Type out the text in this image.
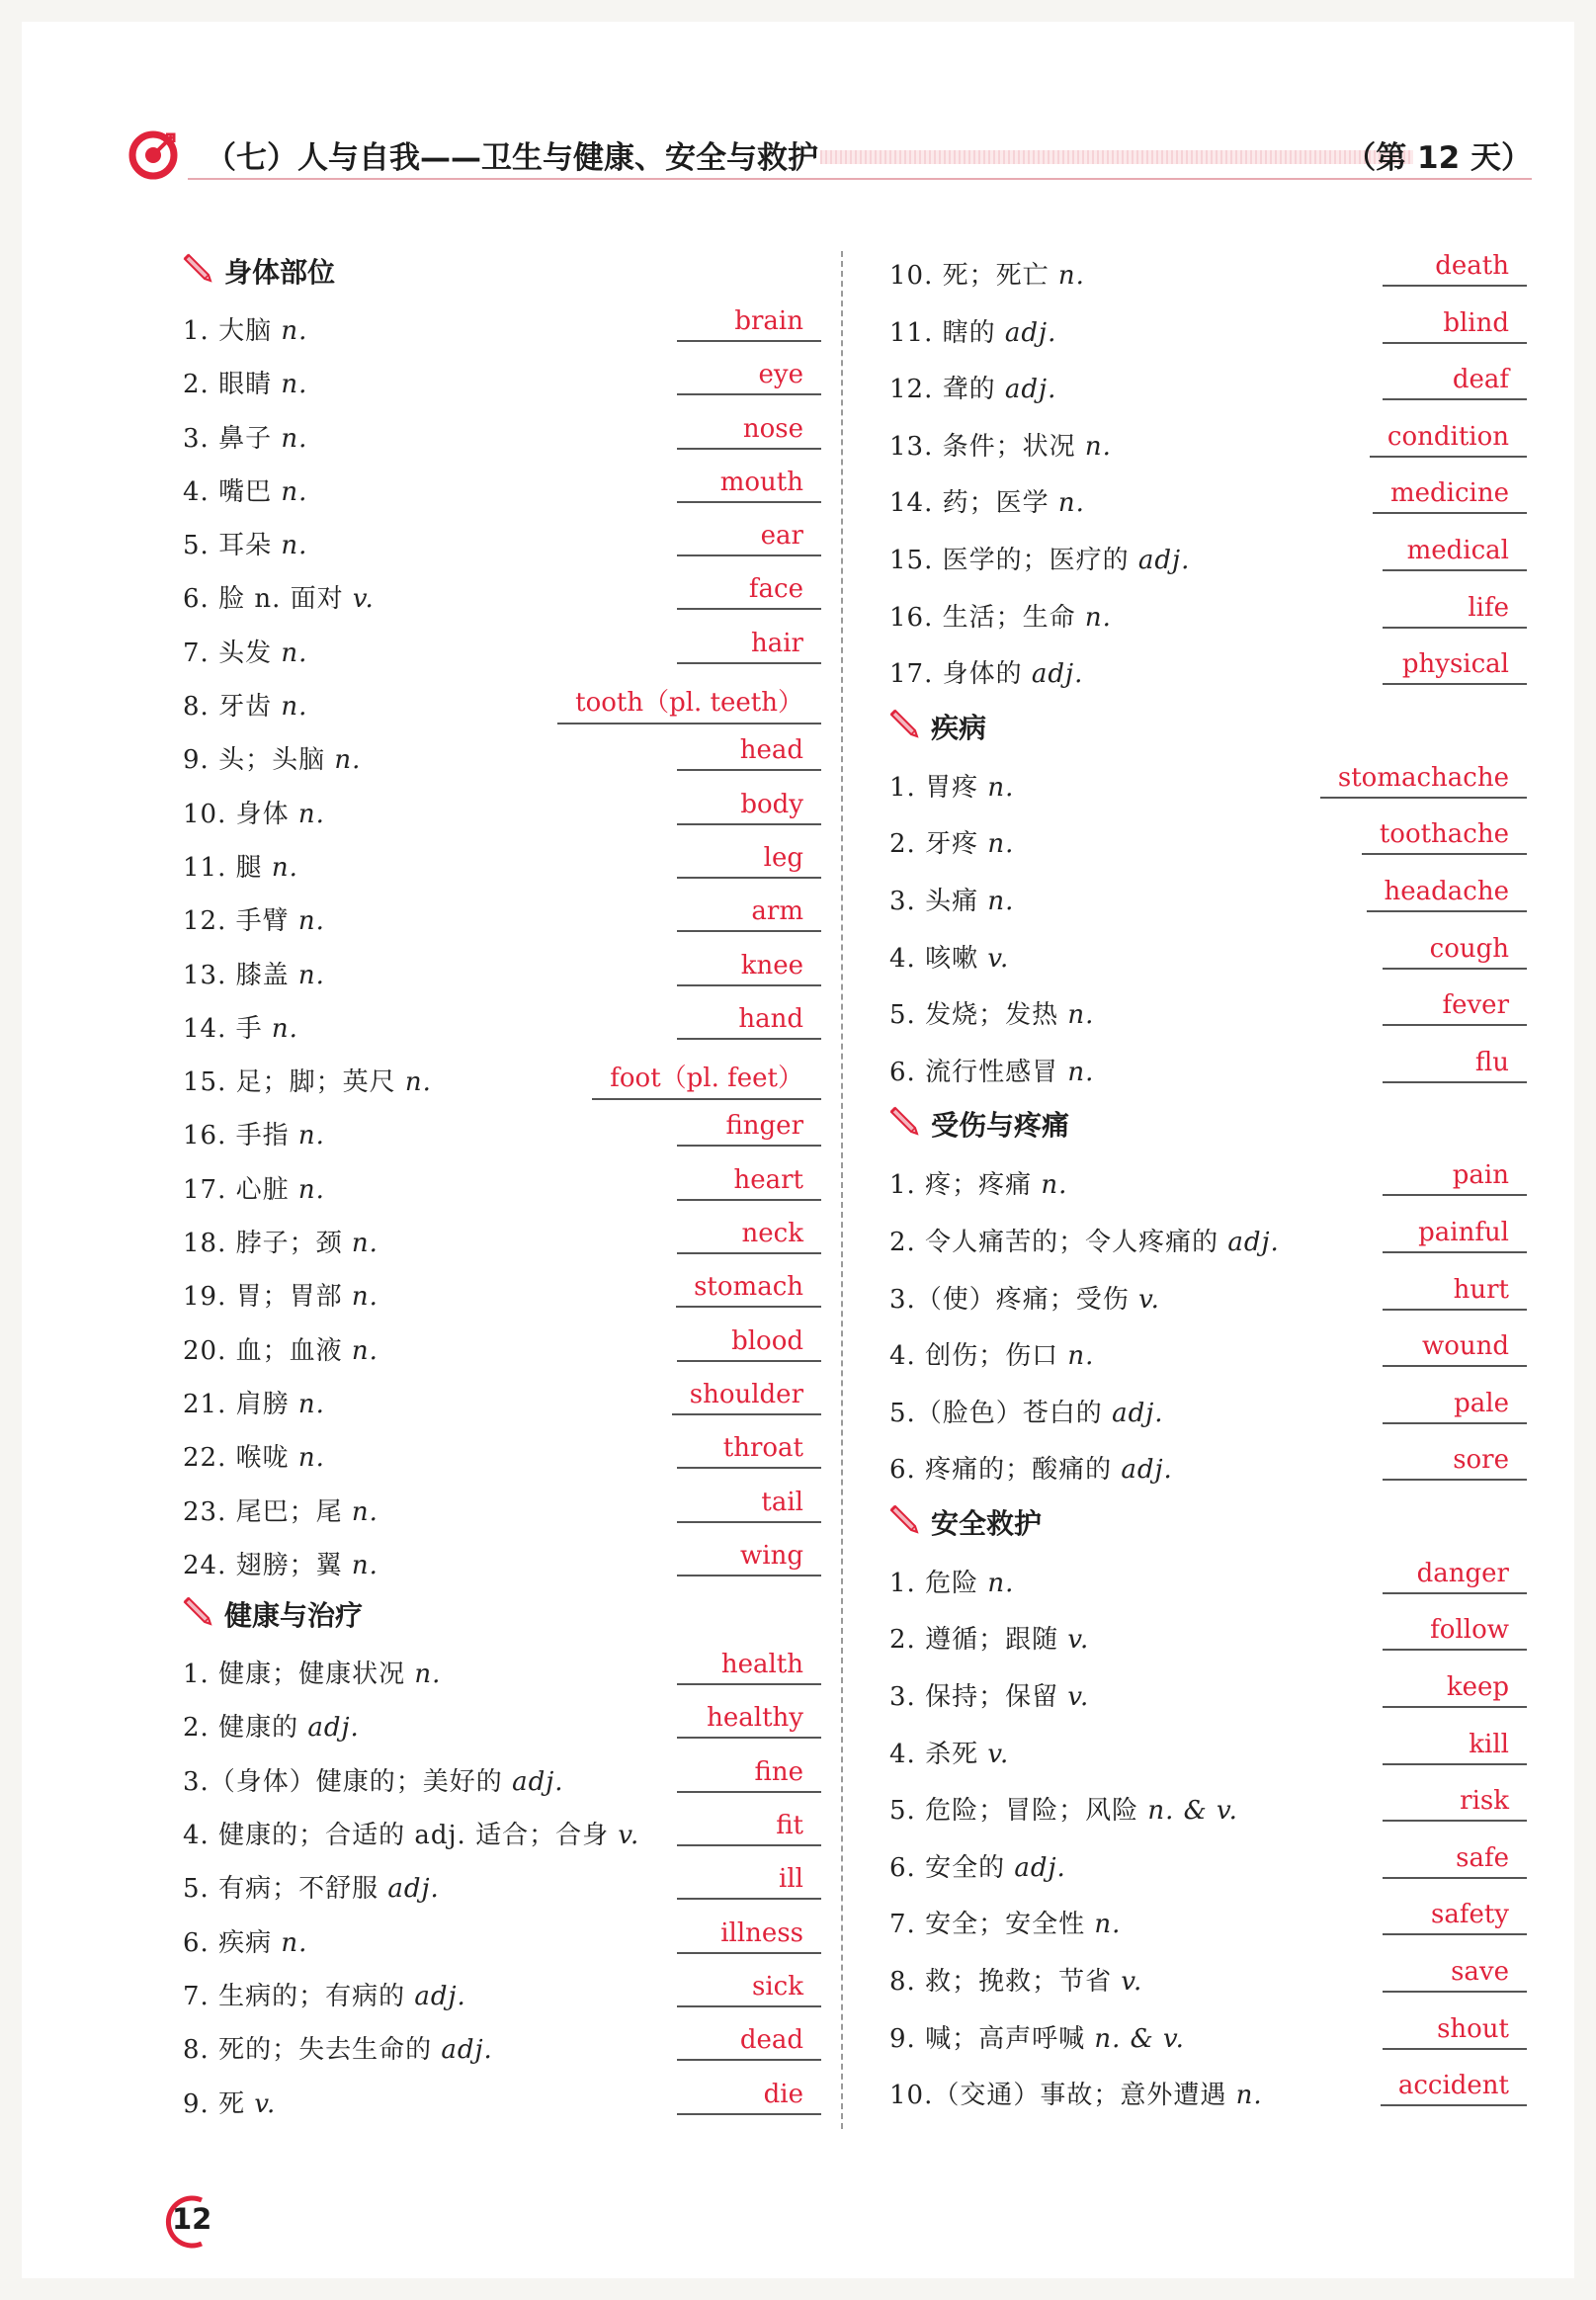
（七）人与自我——卫生与健康、安全与救护	（第 12 天）
身体部位
1. 大脑 n.	brain
2. 眼睛 n.	eye
3. 鼻子 n.	nose
4. 嘴巴 n.	mouth
5. 耳朵 n.	ear
6. 脸 n. 面对 v.	face
7. 头发 n.	hair
8. 牙齿 n.	tooth（pl. teeth）
9. 头；头脑 n.	head
10. 身体 n.	body
11. 腿 n.	leg
12. 手臂 n.	arm
13. 膝盖 n.	knee
14. 手 n.	hand
15. 足；脚；英尺 n.	foot（pl. feet）
16. 手指 n.	finger
17. 心脏 n.	heart
18. 脖子；颈 n.	neck
19. 胃；胃部 n.	stomach
20. 血；血液 n.	blood
21. 肩膀 n.	shoulder
22. 喉咙 n.	throat
23. 尾巴；尾 n.	tail
24. 翅膀；翼 n.	wing
健康与治疗
1. 健康；健康状况 n.	health
2. 健康的 adj.	healthy
3.（身体）健康的；美好的 adj.	fine
4. 健康的；合适的 adj. 适合；合身 v.	fit
5. 有病；不舒服 adj.	ill
6. 疾病 n.	illness
7. 生病的；有病的 adj.	sick
8. 死的；失去生命的 adj.	dead
9. 死 v.	die
10. 死；死亡 n.	death
11. 瞎的 adj.	blind
12. 聋的 adj.	deaf
13. 条件；状况 n.	condition
14. 药；医学 n.	medicine
15. 医学的；医疗的 adj.	medical
16. 生活；生命 n.	life
17. 身体的 adj.	physical
疾病
1. 胃疼 n.	stomachache
2. 牙疼 n.	toothache
3. 头痛 n.	headache
4. 咳嗽 v.	cough
5. 发烧；发热 n.	fever
6. 流行性感冒 n.	flu
受伤与疼痛
1. 疼；疼痛 n.	pain
2. 令人痛苦的；令人疼痛的 adj.	painful
3.（使）疼痛；受伤 v.	hurt
4. 创伤；伤口 n.	wound
5.（脸色）苍白的 adj.	pale
6. 疼痛的；酸痛的 adj.	sore
安全救护
1. 危险 n.	danger
2. 遵循；跟随 v.	follow
3. 保持；保留 v.	keep
4. 杀死 v.	kill
5. 危险；冒险；风险 n. & v.	risk
6. 安全的 adj.	safe
7. 安全；安全性 n.	safety
8. 救；挽救；节省 v.	save
9. 喊；高声呼喊 n. & v.	shout
10.（交通）事故；意外遭遇 n.	accident
12
